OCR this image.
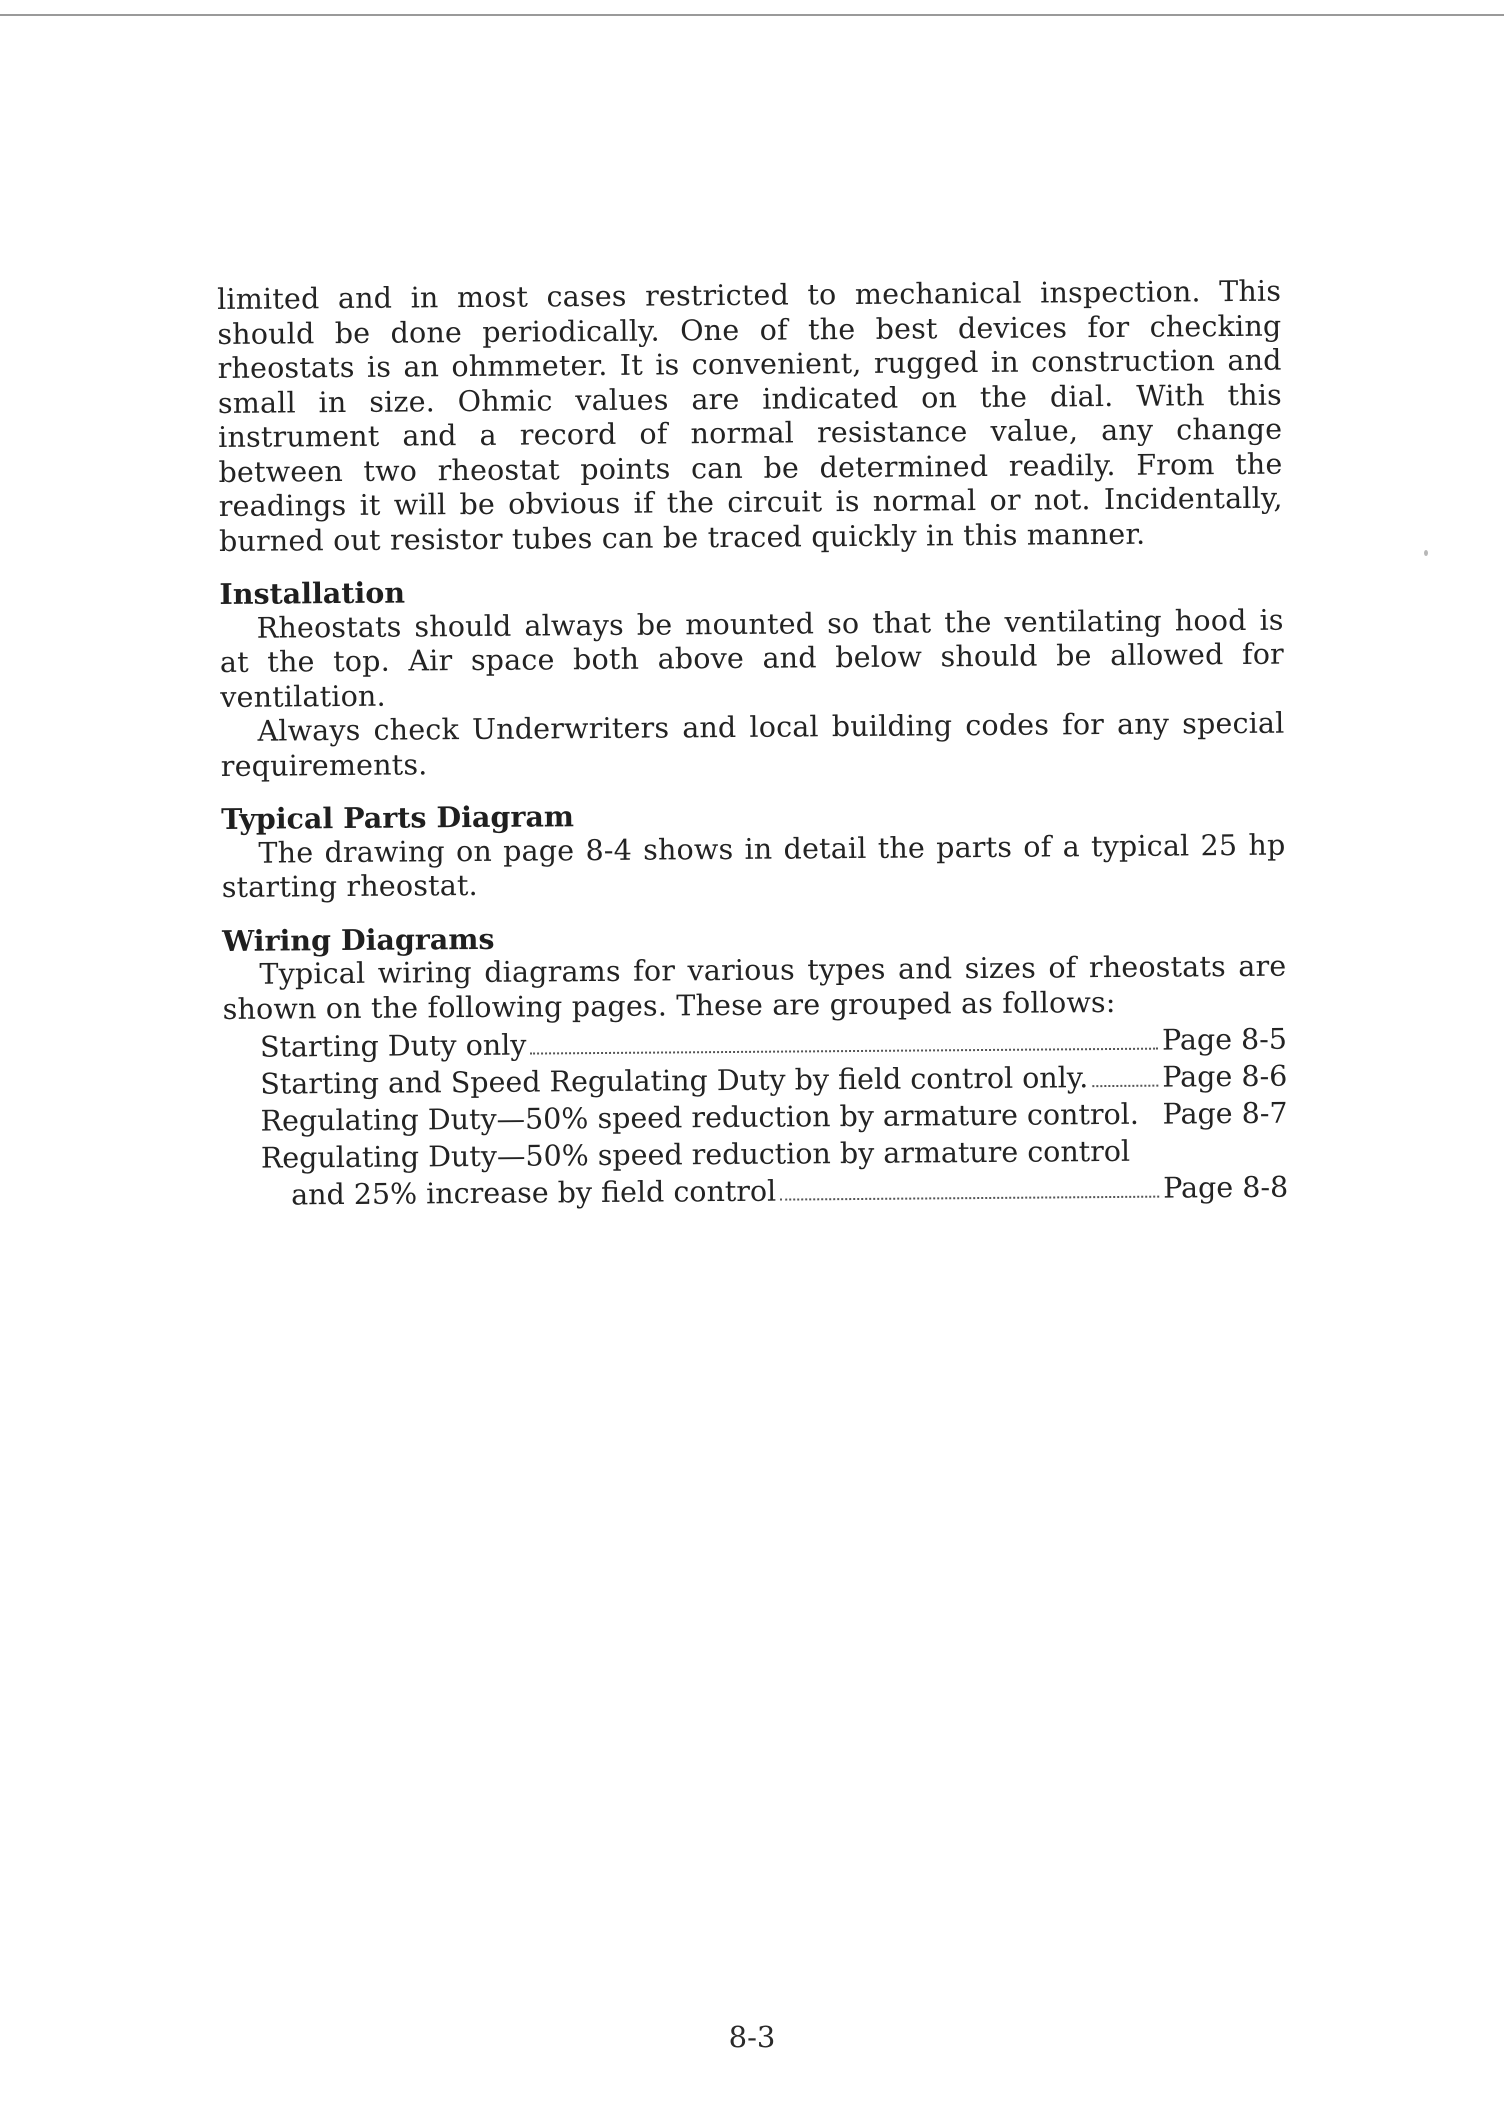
limited and in most cases restricted to mechanical inspection. This should be done periodically. One of the best devices for checking rheostats is an ohmmeter. It is convenient, rugged in construction and small in size. Ohmic values are indicated on the dial. With this instrument and a record of normal resistance value, any change between two rheostat points can be determined readily. From the readings it will be obvious if the circuit is normal or not. Incidentally, burned out resistor tubes can be traced quickly in this manner.

Installation

Rheostats should always be mounted so that the ventilating hood is at the top. Air space both above and below should be allowed for ventilation.

Always check Underwriters and local building codes for any special requirements.

Typical Parts Diagram

The drawing on page 8-4 shows in detail the parts of a typical 25 hp starting rheostat.

Wiring Diagrams

Typical wiring diagrams for various types and sizes of rheostats are shown on the following pages. These are grouped as follows:

Starting Duty only	Page 8-5
Starting and Speed Regulating Duty by field control only.	Page 8-6
Regulating Duty—50% speed reduction by armature control. Page 8-7
Regulating Duty—50% speed reduction by armature control
and 25% increase by field control	Page 8-8
8-3
